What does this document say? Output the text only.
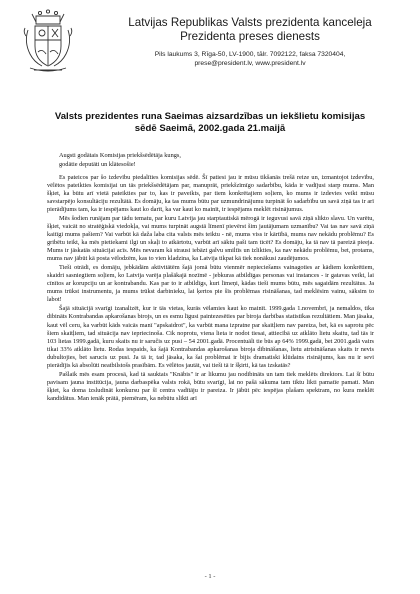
Latvijas Republikas Valsts prezidenta kanceleja
Prezidenta preses dienests
Pils laukums 3, Rīga-50, LV-1900, tālr. 7092122, faksa 7320404,
prese@president.lv, www.president.lv
Valsts prezidentes runa Saeimas aizsardzības un iekšlietu komisijas
sēdē Saeimā, 2002.gada 21.maijā

Augsti godātais Komisijas priekšsēdētāja kungs,

godātie deputāti un klātesošie!

Es pateicos par šo izdevību piedalīties komisijas sēdē. Šī patiesi jau ir mūsu tikšanās trešā reize un, izmantojot izdevību, vēlētos pateikties komisijai un tās priekšsēdētājam par, manuprāt, priekšzīmīgo sadarbību, kāda ir vadījusi starp mums. Man šķiet, ka būtu arī vietā pateikties par to, kas ir paveikts, par tiem konkrētajiem soļiem, ko mums ir izdevies veikt mūsu savstarpējo konsultāciju rezultātā. Es domāju, ka tas mums būtu par uzmundrinājumu turpināt šo sadarbību un savā ziņā tas ir arī pierādījums tam, ka ir iespējams kaut ko darīt, ka var kaut ko mainīt, ir iespējams meklēt risinājumus.

Mēs šodien runājam par tādu tematu, par kuru Latvija jau starptautiskā mērogā ir ieguvusi savā ziņā slikto slavu. Un varētu, šķiet, vaicāt no stratēģiskā viedokļa, vai mums turpināt augstā līmenī pievērst šim jautājumam uzmanību? Vai tas nav savā ziņā kaitīgi mums pašiem? Vai varbūt kā daža laba cita valsts mēs teiktu - nē, mums viss ir kārtībā, mums nav nekādu problēmu? Es gribētu teikt, ka mēs pietiekami ilgi un skaļi to atkārtotu, varbūt arī sāktu paši tam ticēt? Es domāju, ka tā nav tā pareizā pieeja. Mums ir jāskatās situācijai acīs. Mēs nevaram kā strausi iebāzt galvu smiltīs un izlikties, ka nav nekādu problēmu, bet, protams, mums nav jābūt kā posta vēlodzēm, kas to vien kladzina, ka Latvija tikpat kā tiek nonākusi zaudējumos.

Tieši otrādi, es domāju, jebkādām aktivitātēm šajā jomā būtu vienmēr nepieciešams vainagoties ar kādiem konkrētiem, skaidri sasniegtiem soļiem, ko Latvija varēja plašākajā nozīmē - jebkuras atbildīgas personas vai instances - ir gatavas veikt, lai cīnītos ar korupciju un ar kontrabandu. Kas par to ir atbildīgs, kuri līmeņi, kādas tieši mums būtu, mēs sagaidām rezultātus. Ja mums trūkst instrumentu, ja mums trūkst darbinieku, lai ķertos pie šīs problēmas risināšanas, tad meklēsim vainu, sāksim to labot!

Šajā situācijā svarīgi izanalizēt, kur ir tās vietas, kurās vēlamies kaut ko mainīt. 1999.gada 1.novembrī, ja nemaldos, tika dibināts Kontrabandas apkarošanas birojs, un es esmu līgusi paintezesēties par biroja darbības statistikas rezultātiem. Man jāsaka, kaut vēl ceru, ka varbūt kāds vaicās manī "apskaidrot", ka varbūt mana izpratne par skaitļiem nav pareiza, bet, kā es saprotu pēc šiem skaitļiem, tad situācija nav iepriecinoša. Cik noprotu, viena lieta ir nodot tiesai, attiecībā uz atklāto lietu skaitu, tad tās ir 103 lietas 1999.gadā, kuru skaits nu ir saručis uz pusi – 54 2001.gadā. Procentuāli tie būs ap 64% 1999.gadā, bet 2001.gadā vairs tikai 33% atklāto lietu. Rodas iespaids, ka šajā Kontrabandas apkarošanas biroja dibināšanas, lietu atrisināšanas skaits ir nevis dubultojies, bet sarucis uz pusi. Ja tā ir, tad jāsaka, ka šai problēmai ir bijis dramatiski klūdains risinājums, kas nu ir sevi pierādījis kā absolūti neatbilstošs prasībām. Es vēlētos jautāt, vai tieši tā ir šķirti, kā tas izskatās?

Pašlaik mēs esam procesā, kad tā sauktais "Knābis" ir ar likumu jau nodibināts un tam tiek meklēts direktors. Lai šī būtu pavisam jauna institūcija, jauna darbaspēka valsts rokā, būtu svarīgi, lai no pašā sākuma tam tiktu likti pamatīe pamati. Man šķiet, ka doma izsludināt konkursu par šī centra vadītāju ir pareiza. Ir jābūt pēc iespējas plašam spektram, no kura meklēt kandidātus. Man ienāk prātā, piemēram, ka nebūtu slikti arī

- 1 -
